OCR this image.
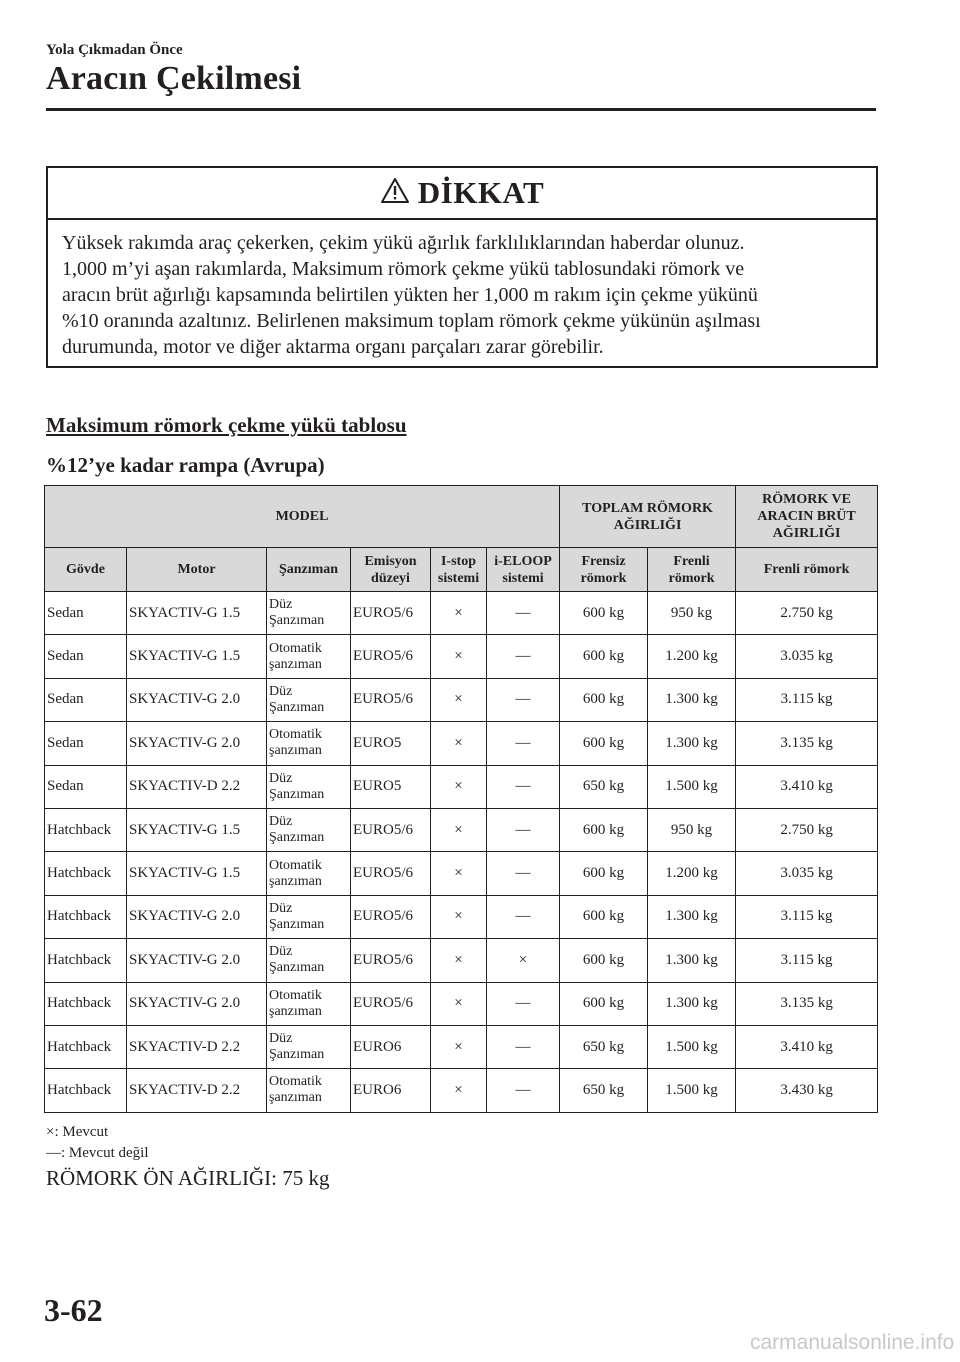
Yola Çıkmadan Önce
Aracın Çekilmesi
DİKKAT
Yüksek rakımda araç çekerken, çekim yükü ağırlık farklılıklarından haberdar olunuz.
1,000 m’yi aşan rakımlarda, Maksimum römork çekme yükü tablosundaki römork ve
aracın brüt ağırlığı kapsamında belirtilen yükten her 1,000 m rakım için çekme yükünü
%10 oranında azaltınız. Belirlenen maksimum toplam römork çekme yükünün aşılması
durumunda, motor ve diğer aktarma organı parçaları zarar görebilir.
Maksimum römork çekme yükü tablosu
%12’ye kadar rampa (Avrupa)
MODEL						TOPLAM RÖMORK AĞIRLIĞI		RÖMORK VE ARACIN BRÜT AĞIRLIĞI
Gövde	Motor	Şanzıman	Emisyon düzeyi	I-stop sistemi	i-ELOOP sistemi	Frensiz römork	Frenli römork	Frenli römork
Sedan	SKYACTIV-G 1.5	Düz Şanzıman	EURO5/6	×	—	600 kg	950 kg	2.750 kg
Sedan	SKYACTIV-G 1.5	Otomatik şanzıman	EURO5/6	×	—	600 kg	1.200 kg	3.035 kg
Sedan	SKYACTIV-G 2.0	Düz Şanzıman	EURO5/6	×	—	600 kg	1.300 kg	3.115 kg
Sedan	SKYACTIV-G 2.0	Otomatik şanzıman	EURO5	×	—	600 kg	1.300 kg	3.135 kg
Sedan	SKYACTIV-D 2.2	Düz Şanzıman	EURO5	×	—	650 kg	1.500 kg	3.410 kg
Hatchback	SKYACTIV-G 1.5	Düz Şanzıman	EURO5/6	×	—	600 kg	950 kg	2.750 kg
Hatchback	SKYACTIV-G 1.5	Otomatik şanzıman	EURO5/6	×	—	600 kg	1.200 kg	3.035 kg
Hatchback	SKYACTIV-G 2.0	Düz Şanzıman	EURO5/6	×	—	600 kg	1.300 kg	3.115 kg
Hatchback	SKYACTIV-G 2.0	Düz Şanzıman	EURO5/6	×	×	600 kg	1.300 kg	3.115 kg
Hatchback	SKYACTIV-G 2.0	Otomatik şanzıman	EURO5/6	×	—	600 kg	1.300 kg	3.135 kg
Hatchback	SKYACTIV-D 2.2	Düz Şanzıman	EURO6	×	—	650 kg	1.500 kg	3.410 kg
Hatchback	SKYACTIV-D 2.2	Otomatik şanzıman	EURO6	×	—	650 kg	1.500 kg	3.430 kg
×: Mevcut
—: Mevcut değil
RÖMORK ÖN AĞIRLIĞI: 75 kg
3-62
carmanualsonline.info
